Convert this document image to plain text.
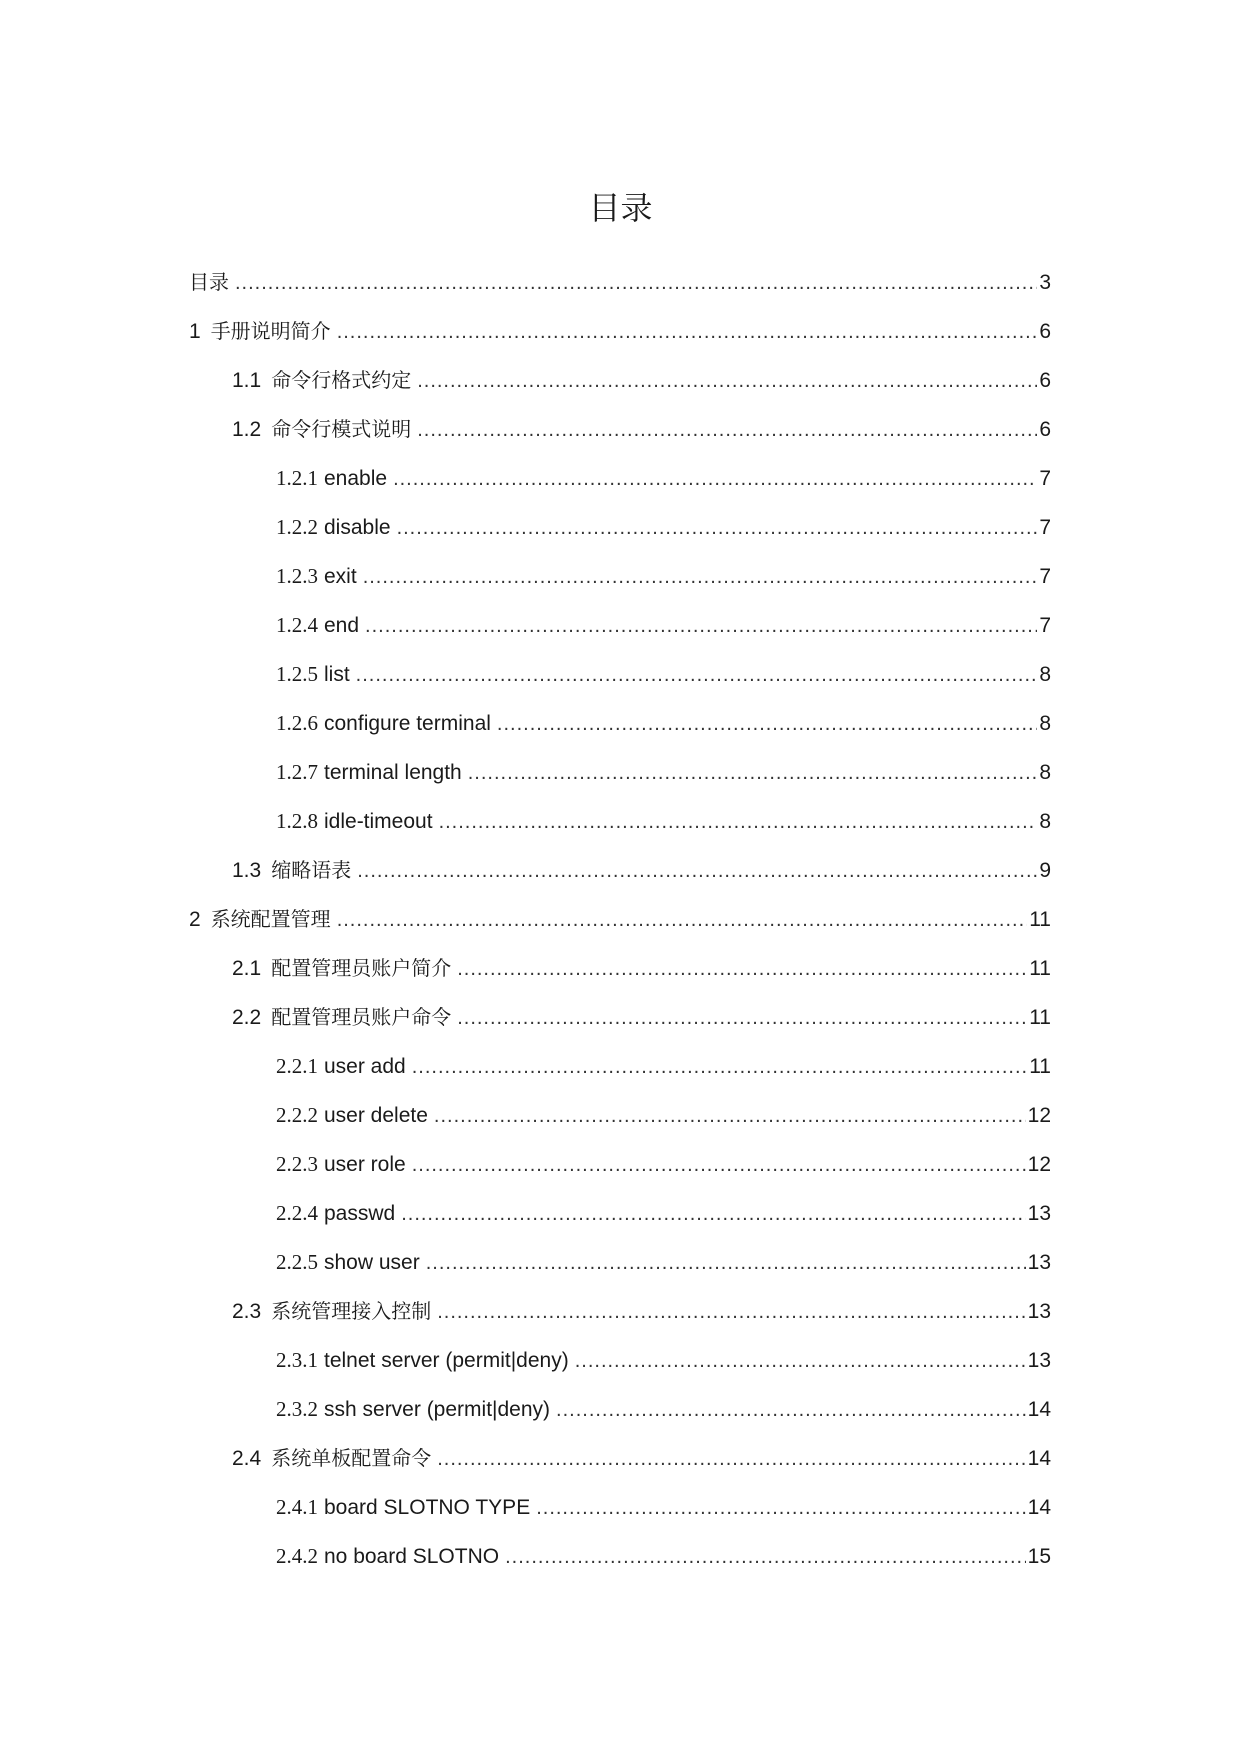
目录
目录 .....	3
1 手册说明简介 .....	6
1.1 命令行格式约定 .....	6
1.2 命令行模式说明 .....	6
1.2.1 enable .....	7
1.2.2 disable .....	7
1.2.3 exit .....	7
1.2.4 end .....	7
1.2.5 list .....	8
1.2.6 configure terminal .....	8
1.2.7 terminal length .....	8
1.2.8 idle-timeout .....	8
1.3 缩略语表 .....	9
2 系统配置管理 .....	11
2.1 配置管理员账户简介 .....	11
2.2 配置管理员账户命令 .....	11
2.2.1 user add .....	11
2.2.2 user delete .....	12
2.2.3 user role .....	12
2.2.4 passwd .....	13
2.2.5 show user .....	13
2.3 系统管理接入控制 .....	13
2.3.1 telnet server (permit|deny) .....	13
2.3.2 ssh server (permit|deny) .....	14
2.4 系统单板配置命令 .....	14
2.4.1 board SLOTNO TYPE .....	14
2.4.2 no board SLOTNO .....	15
